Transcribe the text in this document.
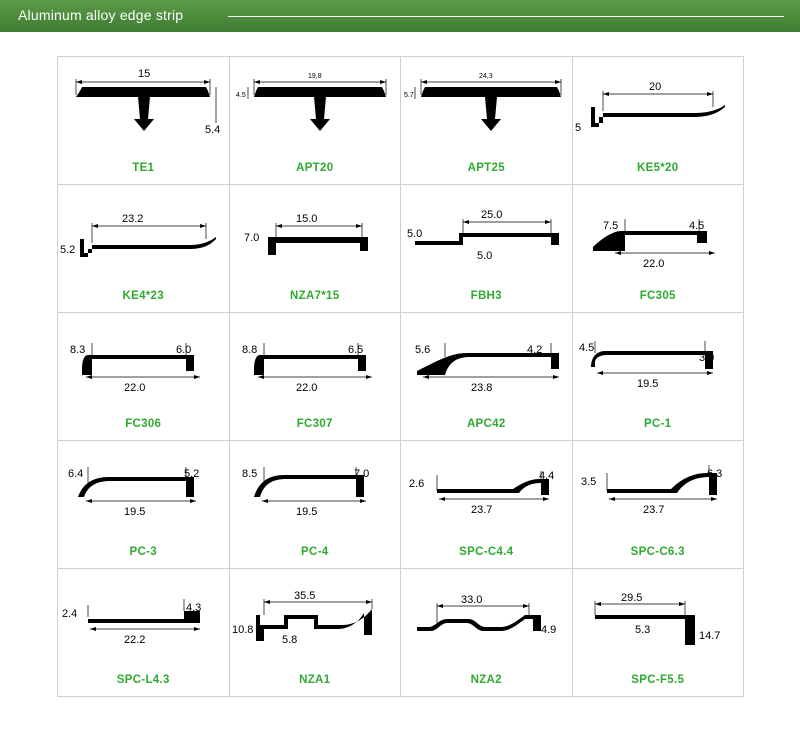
Aluminum alloy edge strip
15
5.4
TE1
19,8
4.5
APT20
24,3
5.7
APT25
20
5
KE5*20
23.2
5.2
KE4*23
15.0
7.0
NZA7*15
25.0
5.0
5.0
FBH3
7.5	4.5
22.0
FC305
8.3	6.0
22.0
FC306
8.8	6.5
22.0
FC307
5.6	4.2
23.8
APC42
4.5
3.0
19.5
PC-1
6.4	5.2
19.5
PC-3
8.5	7.0
19.5
PC-4
2.6
4.4
23.7
SPC-C4.4
3.5
6.3
23.7
SPC-C6.3
2.4	4.3
22.2
SPC-L4.3
35.5
10.8
5.8
NZA1
33.0
4.9
NZA2
29.5
5.3	14.7
SPC-F5.5
